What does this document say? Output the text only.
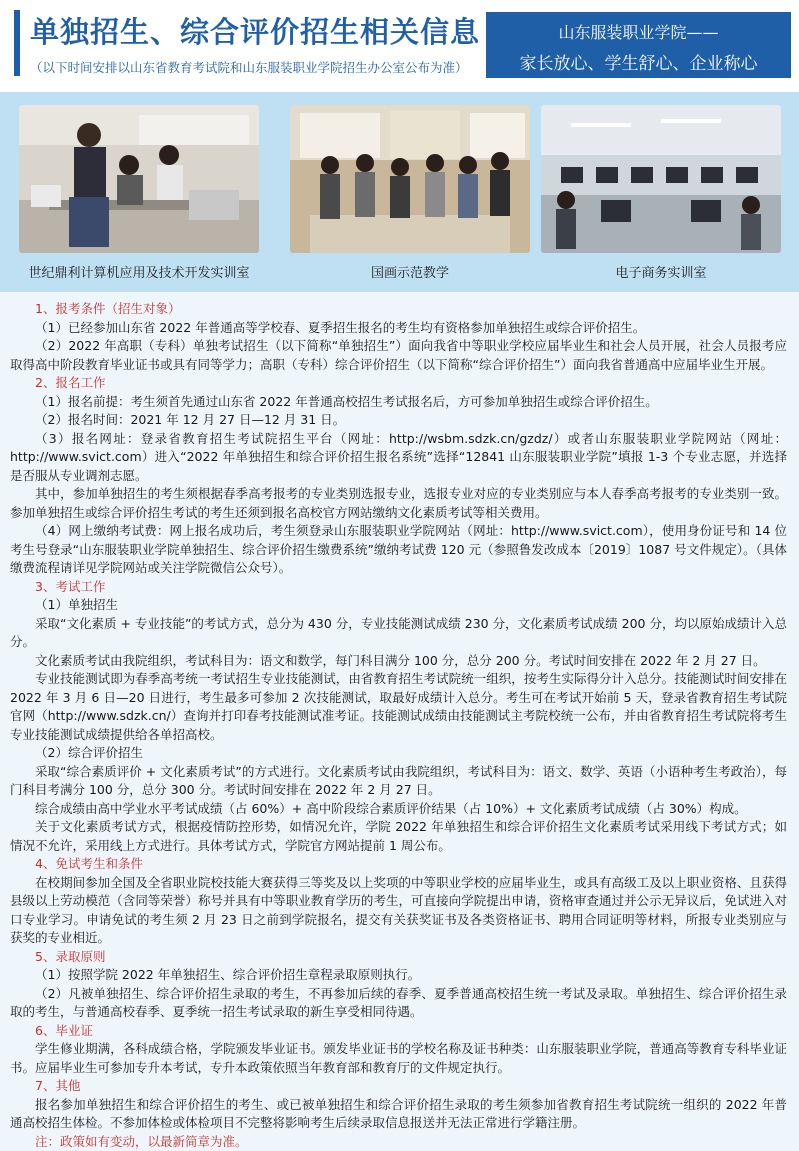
单独招生、综合评价招生相关信息
（以下时间安排以山东省教育考试院和山东服装职业学院招生办公室公布为准）
山东服装职业学院——
家长放心、学生舒心、企业称心
世纪鼎利计算机应用及技术开发实训室	国画示范教学	电子商务实训室

1、报考条件（招生对象）

（1）已经参加山东省 2022 年普通高等学校春、夏季招生报名的考生均有资格参加单独招生或综合评价招生。

（2）2022 年高职（专科）单独考试招生（以下简称“单独招生”）面向我省中等职业学校应届毕业生和社会人员开展，社会人员报考应取得高中阶段教育毕业证书或具有同等学力；高职（专科）综合评价招生（以下简称“综合评价招生”）面向我省普通高中应届毕业生开展。

2、报名工作

（1）报名前提：考生须首先通过山东省 2022 年普通高校招生考试报名后，方可参加单独招生或综合评价招生。

（2）报名时间：2021 年 12 月 27 日—12 月 31 日。

（3）报名网址：登录省教育招生考试院招生平台（网址：http://wsbm.sdzk.cn/gzdz/）或者山东服装职业学院网站（网址：http://www.svict.com）进入“2022 年单独招生和综合评价招生报名系统”选择“12841 山东服装职业学院”填报 1-3 个专业志愿，并选择是否服从专业调剂志愿。

其中，参加单独招生的考生须根据春季高考报考的专业类别选报专业，选报专业对应的专业类别应与本人春季高考报考的专业类别一致。参加单独招生或综合评价招生考试的考生还须到报名高校官方网站缴纳文化素质考试等相关费用。

（4）网上缴纳考试费：网上报名成功后，考生须登录山东服装职业学院网站（网址：http://www.svict.com），使用身份证号和 14 位考生号登录“山东服装职业学院单独招生、综合评价招生缴费系统”缴纳考试费 120 元（参照鲁发改成本〔2019〕1087 号文件规定）。（具体缴费流程请详见学院网站或关注学院微信公众号）。

3、考试工作

（1）单独招生

采取“文化素质 + 专业技能”的考试方式，总分为 430 分，专业技能测试成绩 230 分，文化素质考试成绩 200 分，均以原始成绩计入总分。

文化素质考试由我院组织，考试科目为：语文和数学，每门科目满分 100 分，总分 200 分。考试时间安排在 2022 年 2 月 27 日。

专业技能测试即为春季高考统一考试招生专业技能测试，由省教育招生考试院统一组织，按考生实际得分计入总分。技能测试时间安排在 2022 年 3 月 6 日—20 日进行，考生最多可参加 2 次技能测试，取最好成绩计入总分。考生可在考试开始前 5 天，登录省教育招生考试院官网（http://www.sdzk.cn/）查询并打印春考技能测试准考证。技能测试成绩由技能测试主考院校统一公布，并由省教育招生考试院将考生专业技能测试成绩提供给各单招高校。

（2）综合评价招生

采取“综合素质评价 + 文化素质考试”的方式进行。文化素质考试由我院组织，考试科目为：语文、数学、英语（小语种考生考政治），每门科目考满分 100 分，总分 300 分。考试时间安排在 2022 年 2 月 27 日。

综合成绩由高中学业水平考试成绩（占 60%）+ 高中阶段综合素质评价结果（占 10%）+ 文化素质考试成绩（占 30%）构成。

关于文化素质考试方式，根据疫情防控形势，如情况允许，学院 2022 年单独招生和综合评价招生文化素质考试采用线下考试方式；如情况不允许，采用线上方式进行。具体考试方式，学院官方网站提前 1 周公布。

4、免试考生和条件

在校期间参加全国及全省职业院校技能大赛获得三等奖及以上奖项的中等职业学校的应届毕业生，或具有高级工及以上职业资格、且获得县级以上劳动模范（含同等荣誉）称号并具有中等职业教育学历的考生，可直接向学院提出申请，资格审查通过并公示无异议后，免试进入对口专业学习。申请免试的考生须 2 月 23 日之前到学院报名，提交有关获奖证书及各类资格证书、聘用合同证明等材料，所报专业类别应与获奖的专业相近。

5、录取原则

（1）按照学院 2022 年单独招生、综合评价招生章程录取原则执行。

（2）凡被单独招生、综合评价招生录取的考生，不再参加后续的春季、夏季普通高校招生统一考试及录取。单独招生、综合评价招生录取的考生，与普通高校春季、夏季统一招生考试录取的新生享受相同待遇。

6、毕业证

学生修业期满，各科成绩合格，学院颁发毕业证书。颁发毕业证书的学校名称及证书种类：山东服装职业学院，普通高等教育专科毕业证书。应届毕业生可参加专升本考试，专升本政策依照当年教育部和教育厅的文件规定执行。

7、其他

报名参加单独招生和综合评价招生的考生、或已被单独招生和综合评价招生录取的考生须参加省教育招生考试院统一组织的 2022 年普通高校招生体检。不参加体检或体检项目不完整将影响考生后续录取信息报送并无法正常进行学籍注册。

注：政策如有变动，以最新简章为准。
